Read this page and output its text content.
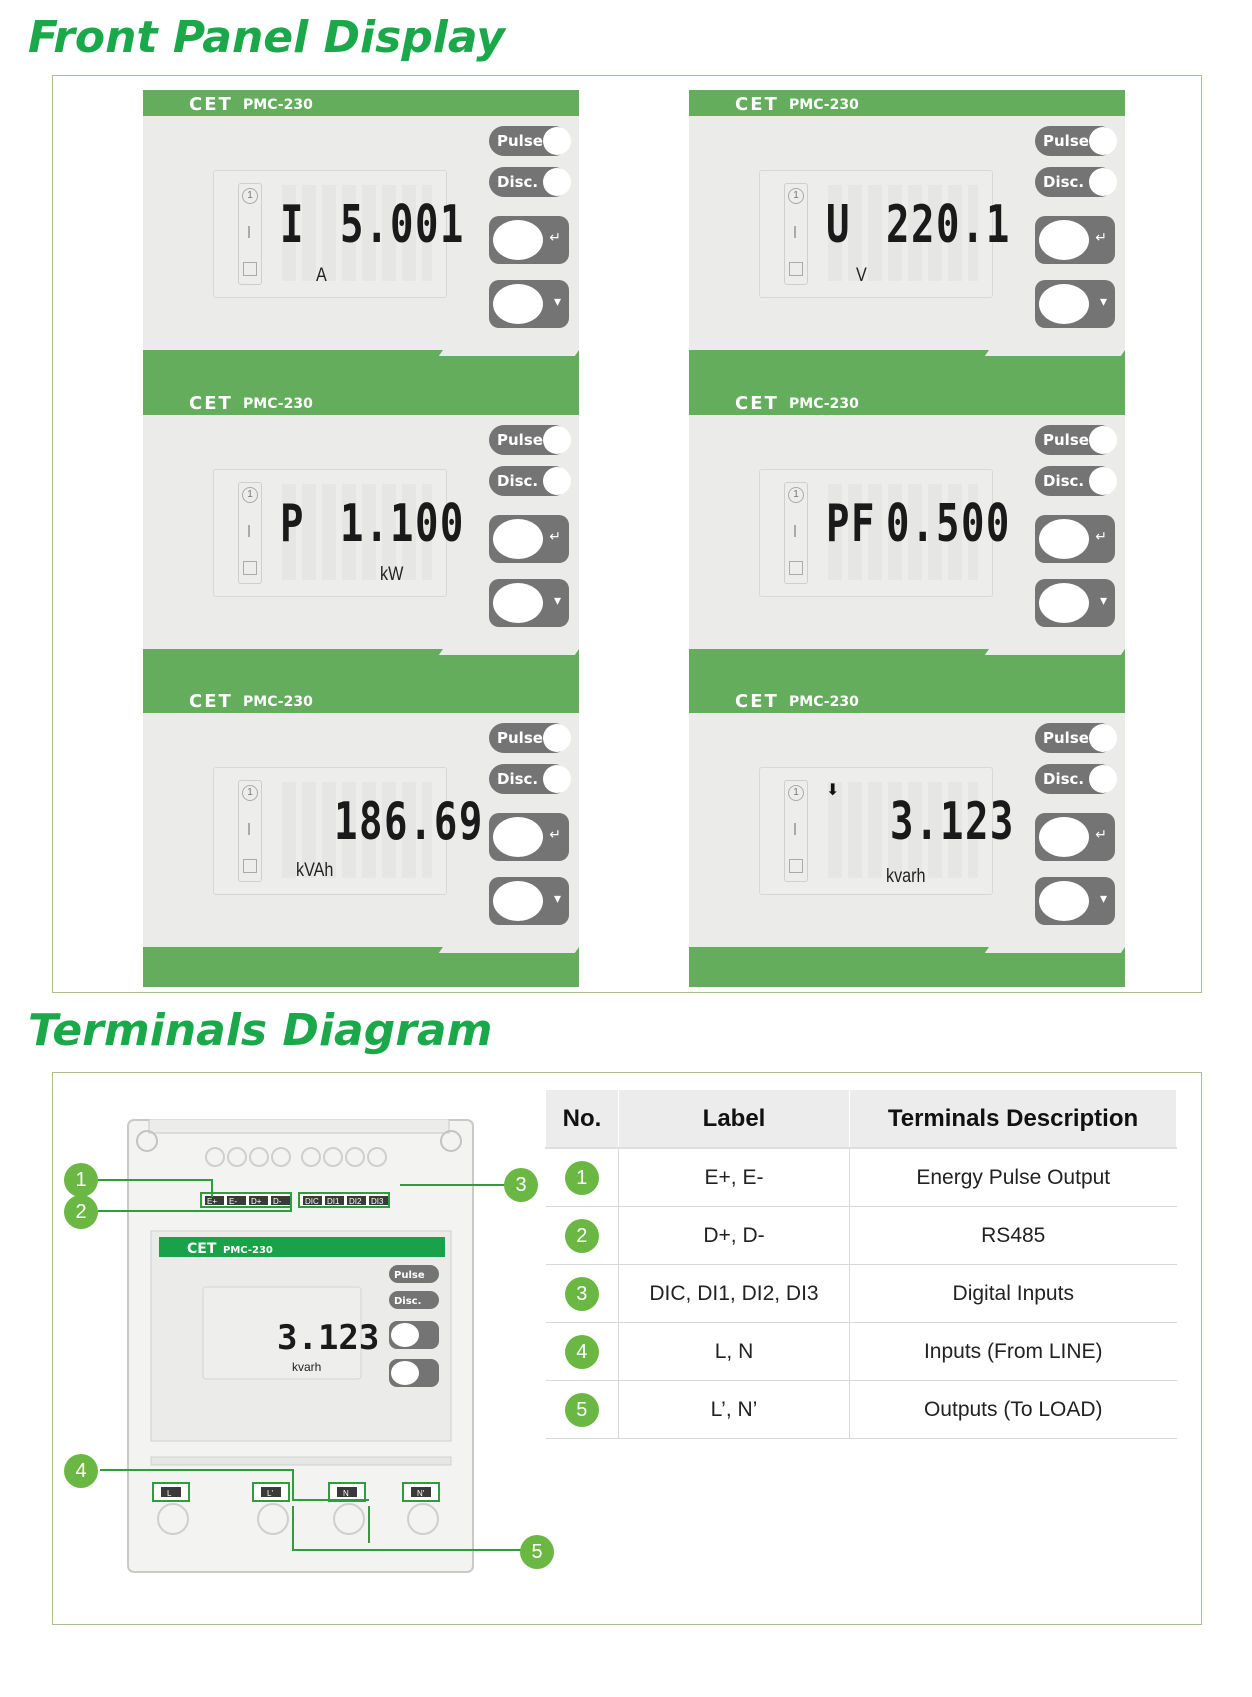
Front Panel Display
CET PMC-230
Pulse
Disc.
↵
▾
1 I 5.001
A
CET PMC-230
Pulse
Disc.
↵
▾
1 U 220.1
V
CET PMC-230
Pulse
Disc.
↵
▾
1 P 1.100
kW
CET PMC-230
Pulse
Disc.
↵
▾
1 PF 0.500
CET PMC-230
Pulse
Disc.
↵
▾
1 186.69
kVAh
CET PMC-230
Pulse
Disc.
↵
▾
1	⬇
3.123
kvarh
Terminals Diagram
E+ E- D+ D-	DIC DI1 DI2 DI3
CET PMC-230
Pulse
Disc.
3.123
kvarh
L	L'	N	N'
1
2
3
4
5
No.	Label	Terminals Description
1	E+, E-	Energy Pulse Output
2	D+, D-	RS485
3	DIC, DI1, DI2, DI3	Digital Inputs
4	L, N	Inputs (From LINE)
5	L’, N’	Outputs (To LOAD)
